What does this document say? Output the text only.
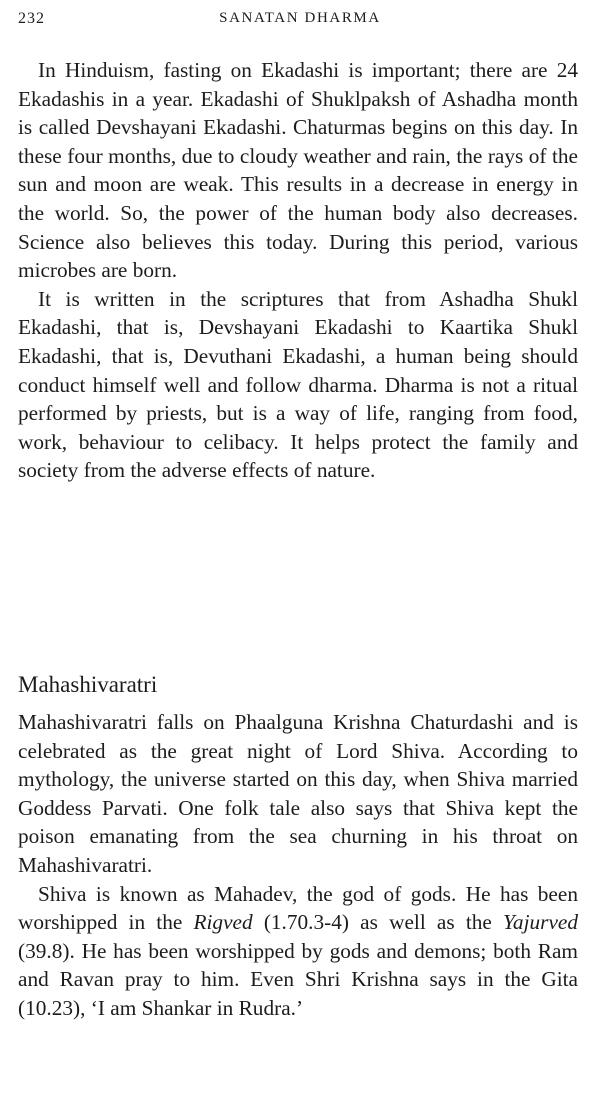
232	SANATAN DHARMA

In Hinduism, fasting on Ekadashi is important; there are 24 Ekadashis in a year. Ekadashi of Shuklpaksh of Ashadha month is called Devshayani Ekadashi. Chaturmas begins on this day. In these four months, due to cloudy weather and rain, the rays of the sun and moon are weak. This results in a decrease in energy in the world. So, the power of the human body also decreases. Science also believes this today. During this period, various microbes are born.

It is written in the scriptures that from Ashadha Shukl Ekadashi, that is, Devshayani Ekadashi to Kaartika Shukl Ekadashi, that is, Devuthani Ekadashi, a human being should conduct himself well and follow dharma. Dharma is not a ritual performed by priests, but is a way of life, ranging from food, work, behaviour to celibacy. It helps protect the family and society from the adverse effects of nature.

Mahashivaratri

Mahashivaratri falls on Phaalguna Krishna Chaturdashi and is celebrated as the great night of Lord Shiva. According to mythology, the universe started on this day, when Shiva married Goddess Parvati. One folk tale also says that Shiva kept the poison emanating from the sea churning in his throat on Mahashivaratri.

Shiva is known as Mahadev, the god of gods. He has been worshipped in the Rigved (1.70.3-4) as well as the Yajurved (39.8). He has been worshipped by gods and demons; both Ram and Ravan pray to him. Even Shri Krishna says in the Gita (10.23), ‘I am Shankar in Rudra.’
